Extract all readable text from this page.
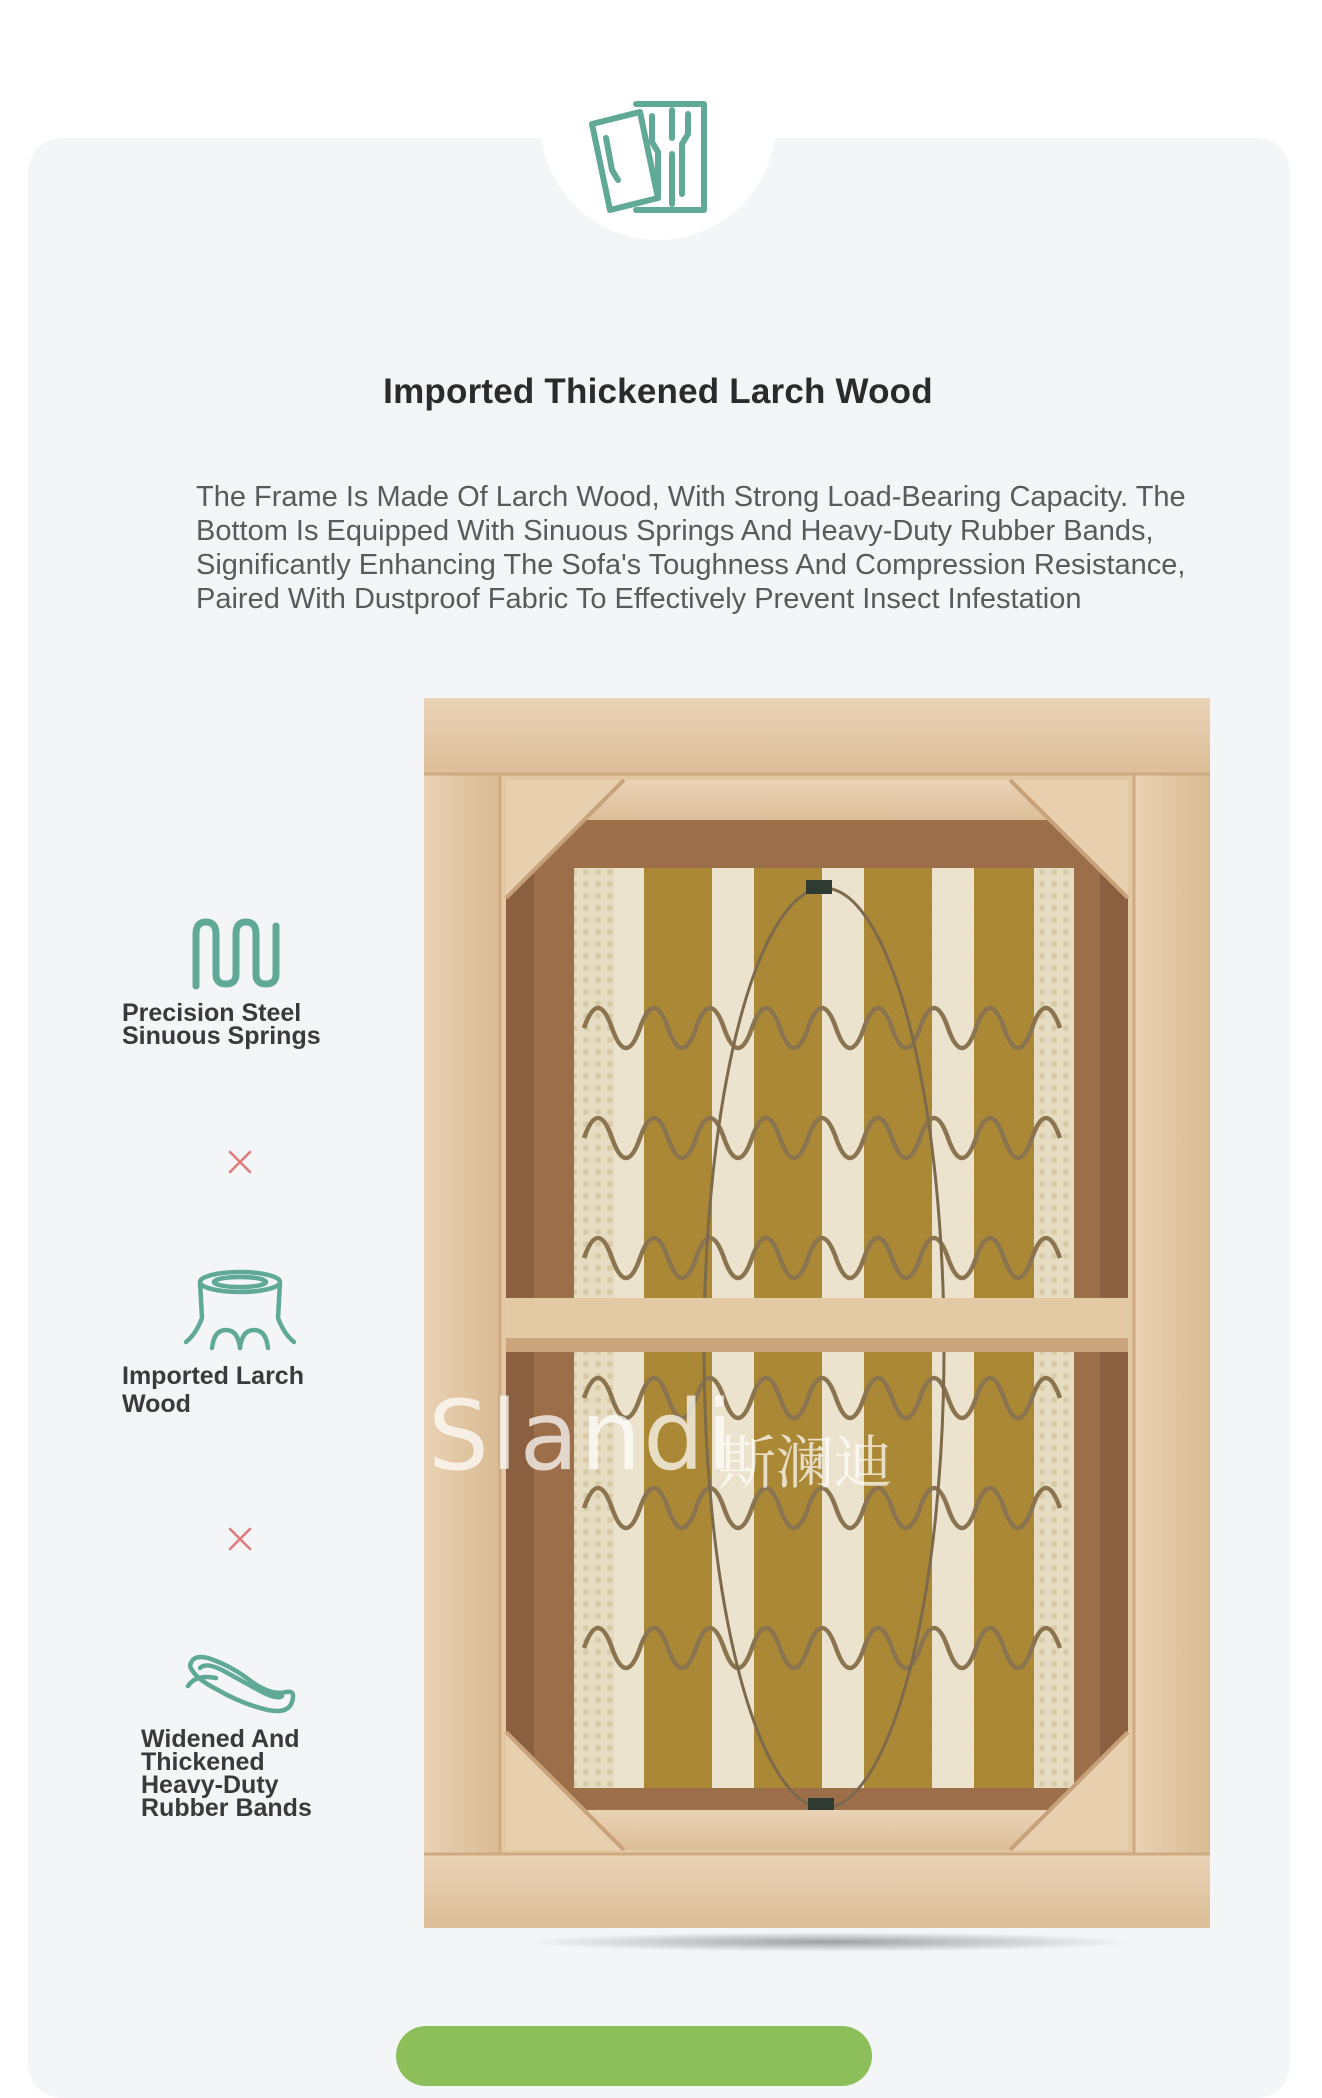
Imported Thickened Larch Wood
The Frame Is Made Of Larch Wood, With Strong Load-Bearing Capacity. The
Bottom Is Equipped With Sinuous Springs And Heavy-Duty Rubber Bands,
Significantly Enhancing The Sofa's Toughness And Compression Resistance,
Paired With Dustproof Fabric To Effectively Prevent Insect Infestation
Precision Steel
Sinuous Springs
Imported Larch
Wood
Widened And
Thickened
Heavy-Duty
Rubber Bands
Slandi
斯澜迪
